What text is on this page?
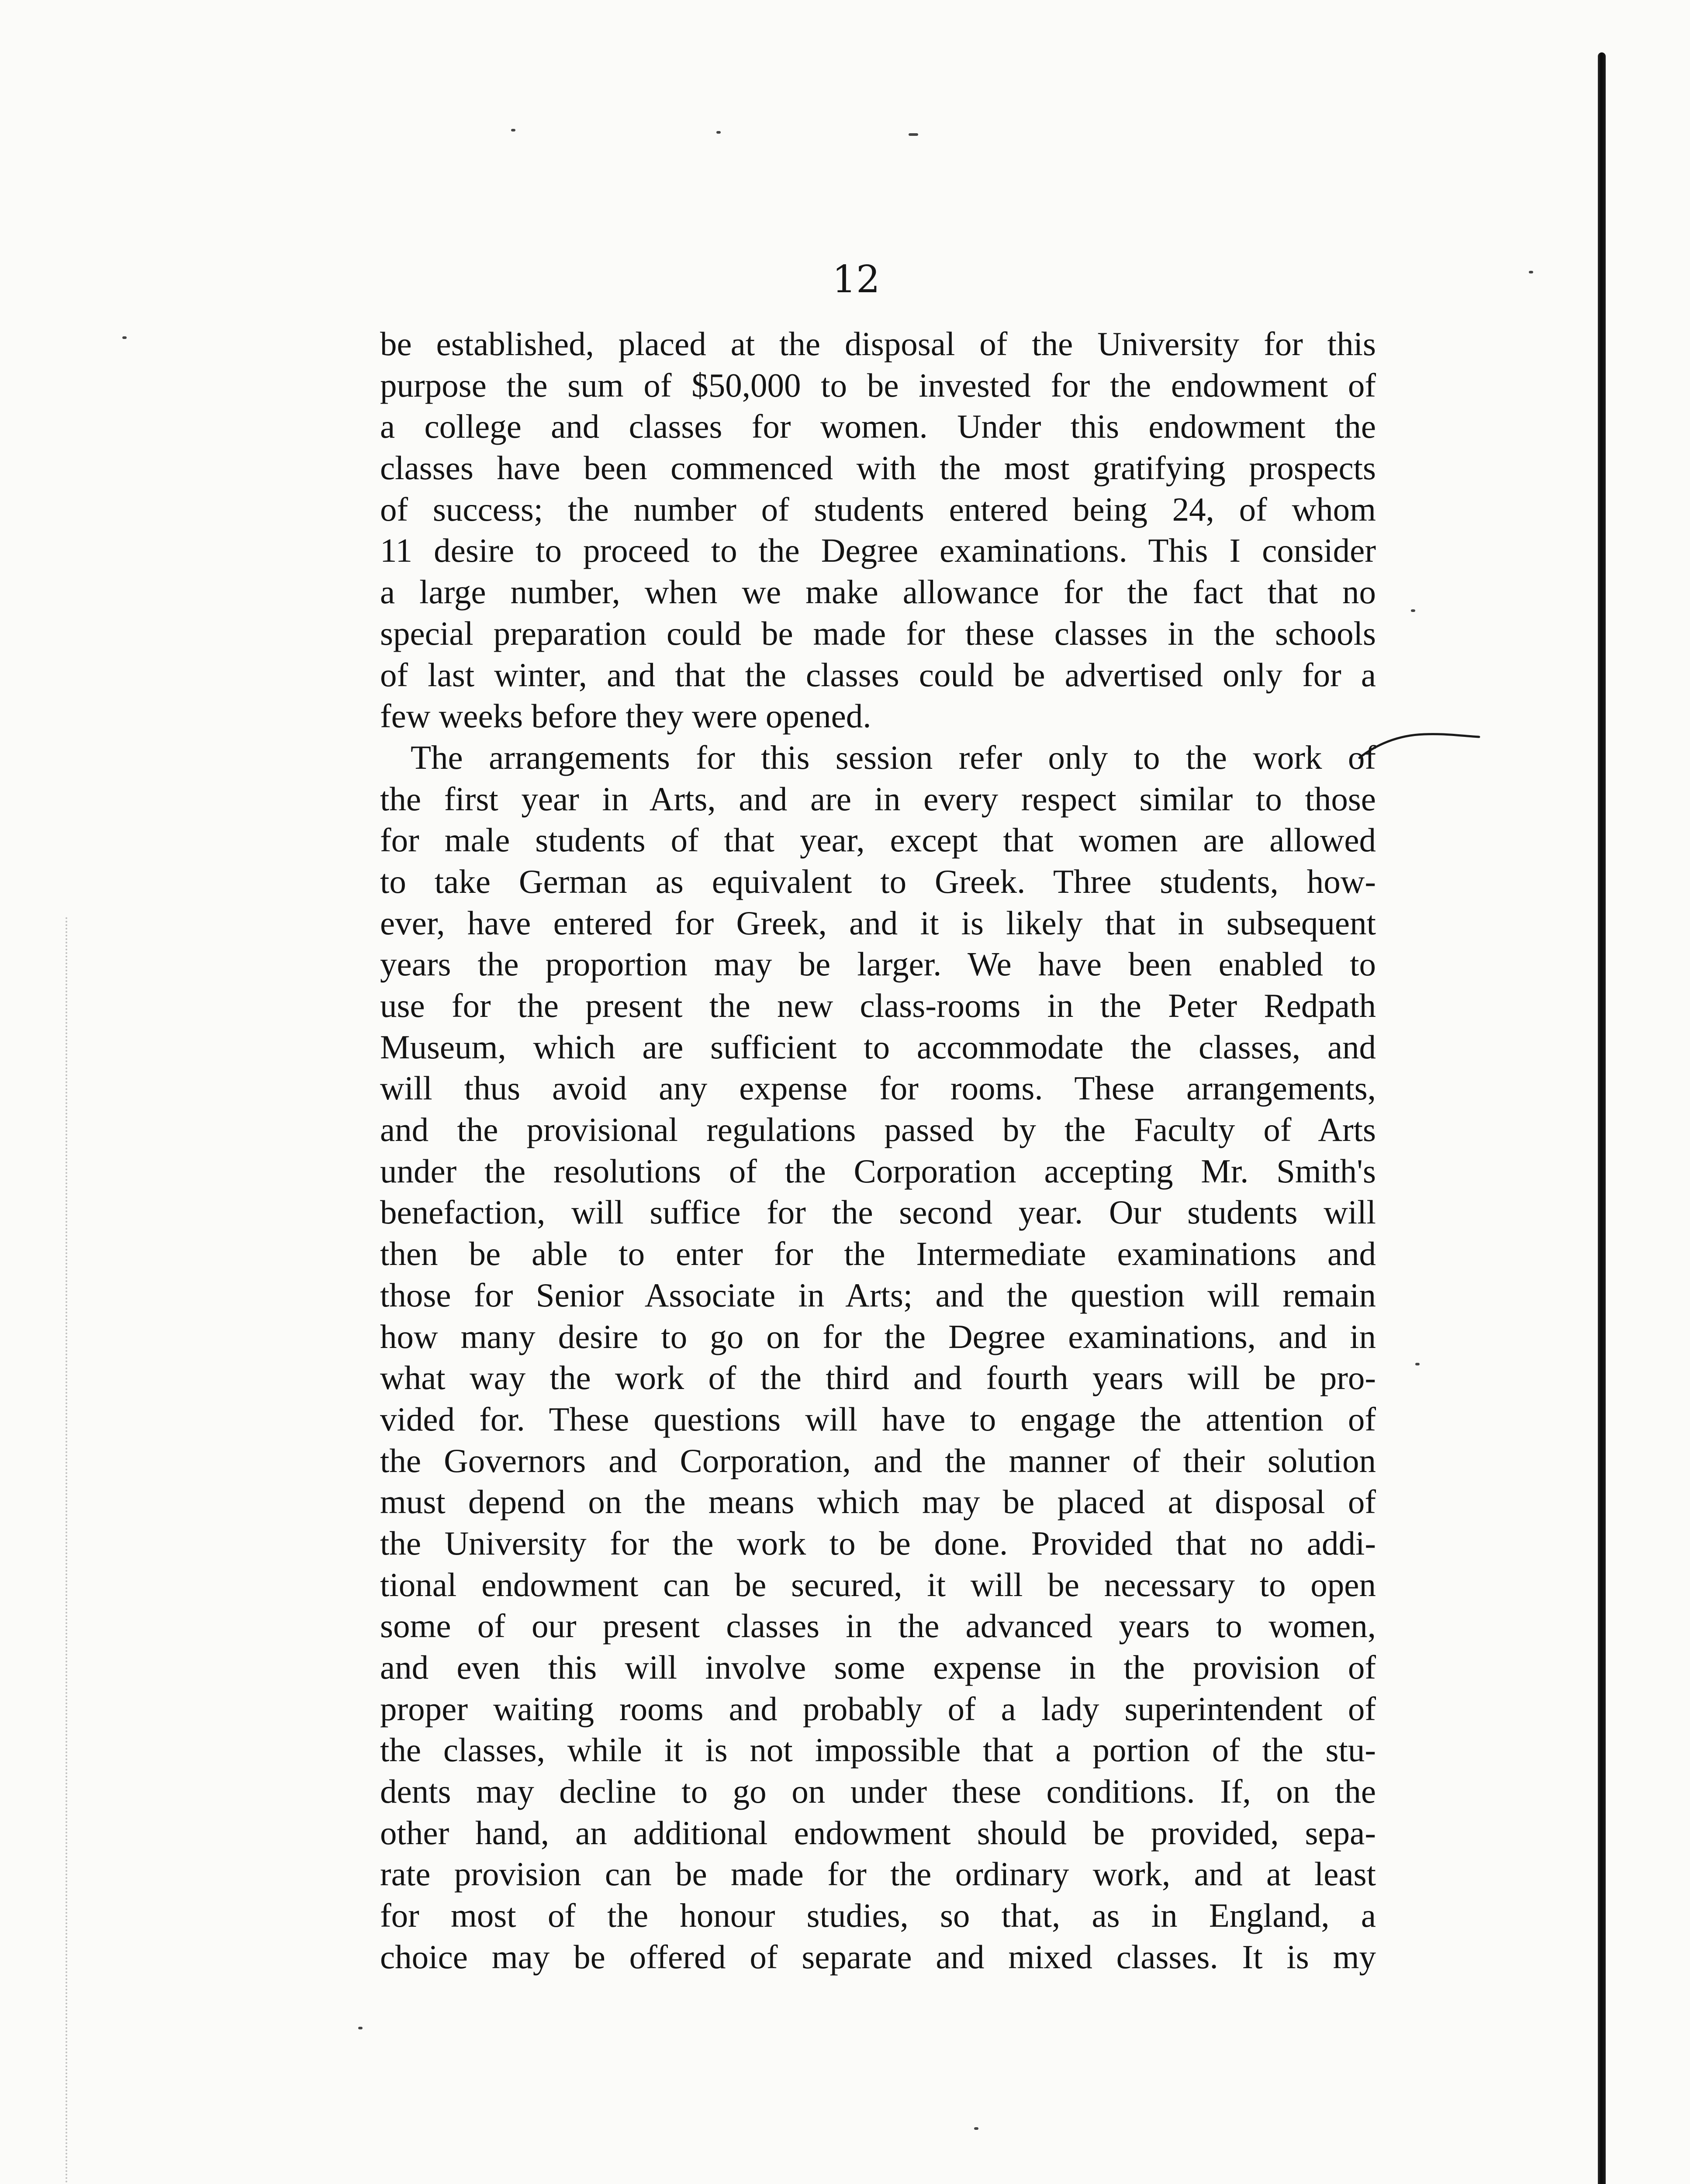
12
be established, placed at the disposal of the University for this
purpose the sum of $50,000 to be invested for the endowment of
a college and classes for women. Under this endowment the
classes have been commenced with the most gratifying prospects
of success; the number of students entered being 24, of whom
11 desire to proceed to the Degree examinations. This I consider
a large number, when we make allowance for the fact that no
special preparation could be made for these classes in the schools
of last winter, and that the classes could be advertised only for a
few weeks before they were opened.
The arrangements for this session refer only to the work of
the first year in Arts, and are in every respect similar to those
for male students of that year, except that women are allowed
to take German as equivalent to Greek. Three students, how-
ever, have entered for Greek, and it is likely that in subsequent
years the proportion may be larger. We have been enabled to
use for the present the new class-rooms in the Peter Redpath
Museum, which are sufficient to accommodate the classes, and
will thus avoid any expense for rooms. These arrangements,
and the provisional regulations passed by the Faculty of Arts
under the resolutions of the Corporation accepting Mr. Smith's
benefaction, will suffice for the second year. Our students will
then be able to enter for the Intermediate examinations and
those for Senior Associate in Arts; and the question will remain
how many desire to go on for the Degree examinations, and in
what way the work of the third and fourth years will be pro-
vided for. These questions will have to engage the attention of
the Governors and Corporation, and the manner of their solution
must depend on the means which may be placed at disposal of
the University for the work to be done. Provided that no addi-
tional endowment can be secured, it will be necessary to open
some of our present classes in the advanced years to women,
and even this will involve some expense in the provision of
proper waiting rooms and probably of a lady superintendent of
the classes, while it is not impossible that a portion of the stu-
dents may decline to go on under these conditions. If, on the
other hand, an additional endowment should be provided, sepa-
rate provision can be made for the ordinary work, and at least
for most of the honour studies, so that, as in England, a
choice may be offered of separate and mixed classes. It is my
